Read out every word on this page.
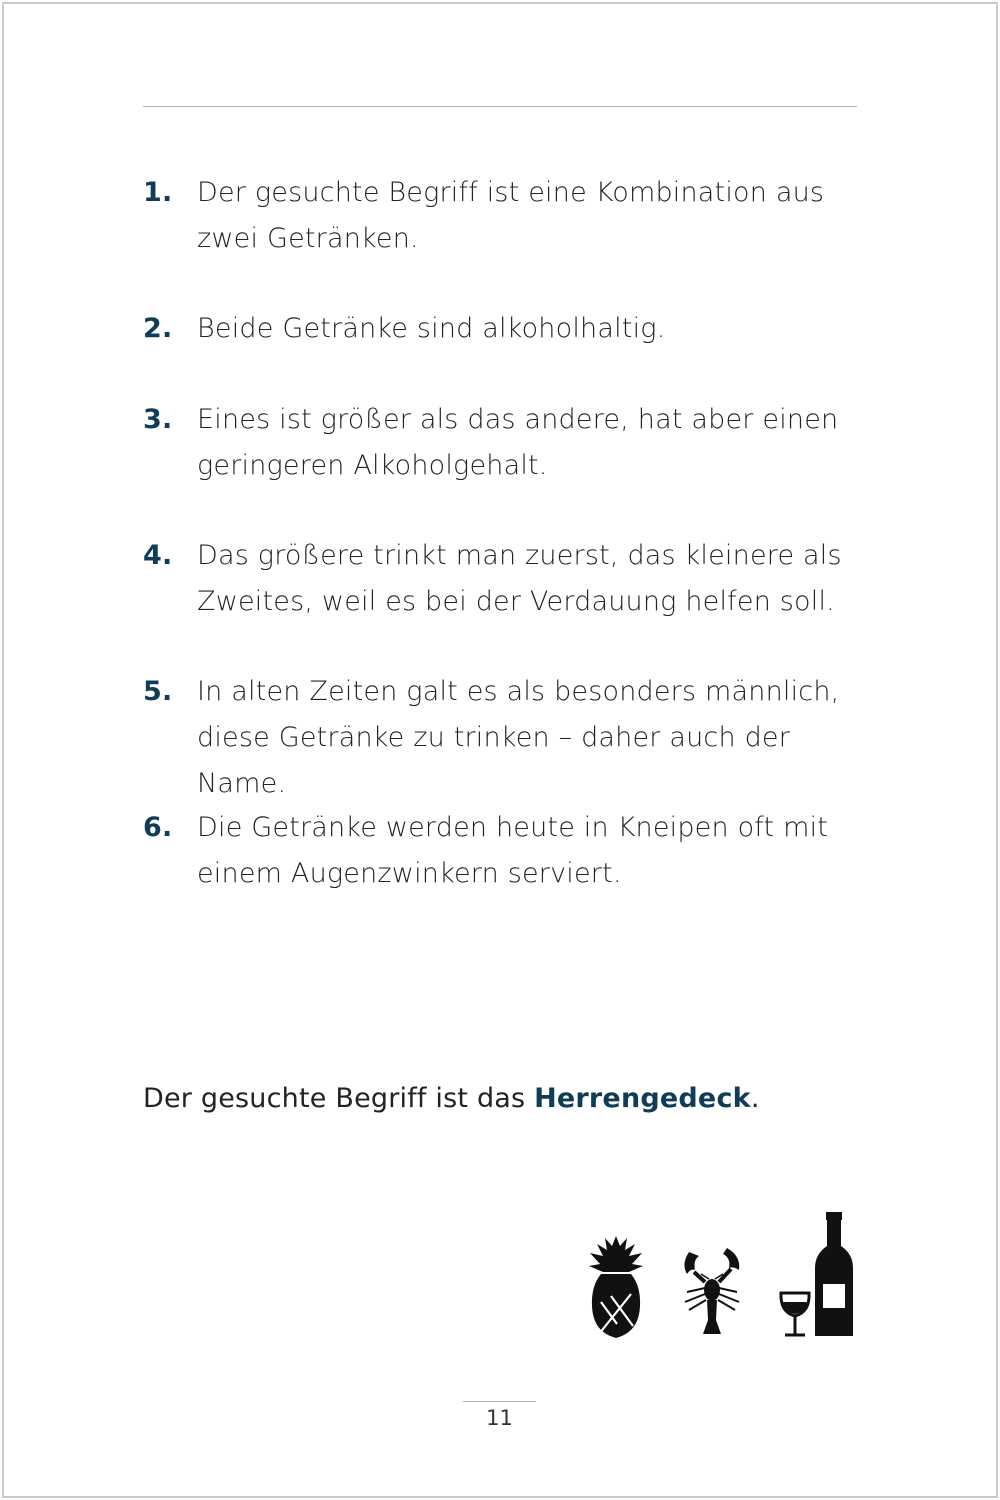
1. Der gesuchte Begriff ist eine Kombination aus zwei Getränken.
2. Beide Getränke sind alkoholhaltig.
3. Eines ist größer als das andere, hat aber einen geringeren Alkoholgehalt.
4. Das größere trinkt man zuerst, das kleinere als Zweites, weil es bei der Verdauung helfen soll.
5. In alten Zeiten galt es als besonders männlich, diese Getränke zu trinken – daher auch der Name.
6. Die Getränke werden heute in Kneipen oft mit einem Augenzwinkern serviert.
Der gesuchte Begriff ist das Herrengedeck.
11
